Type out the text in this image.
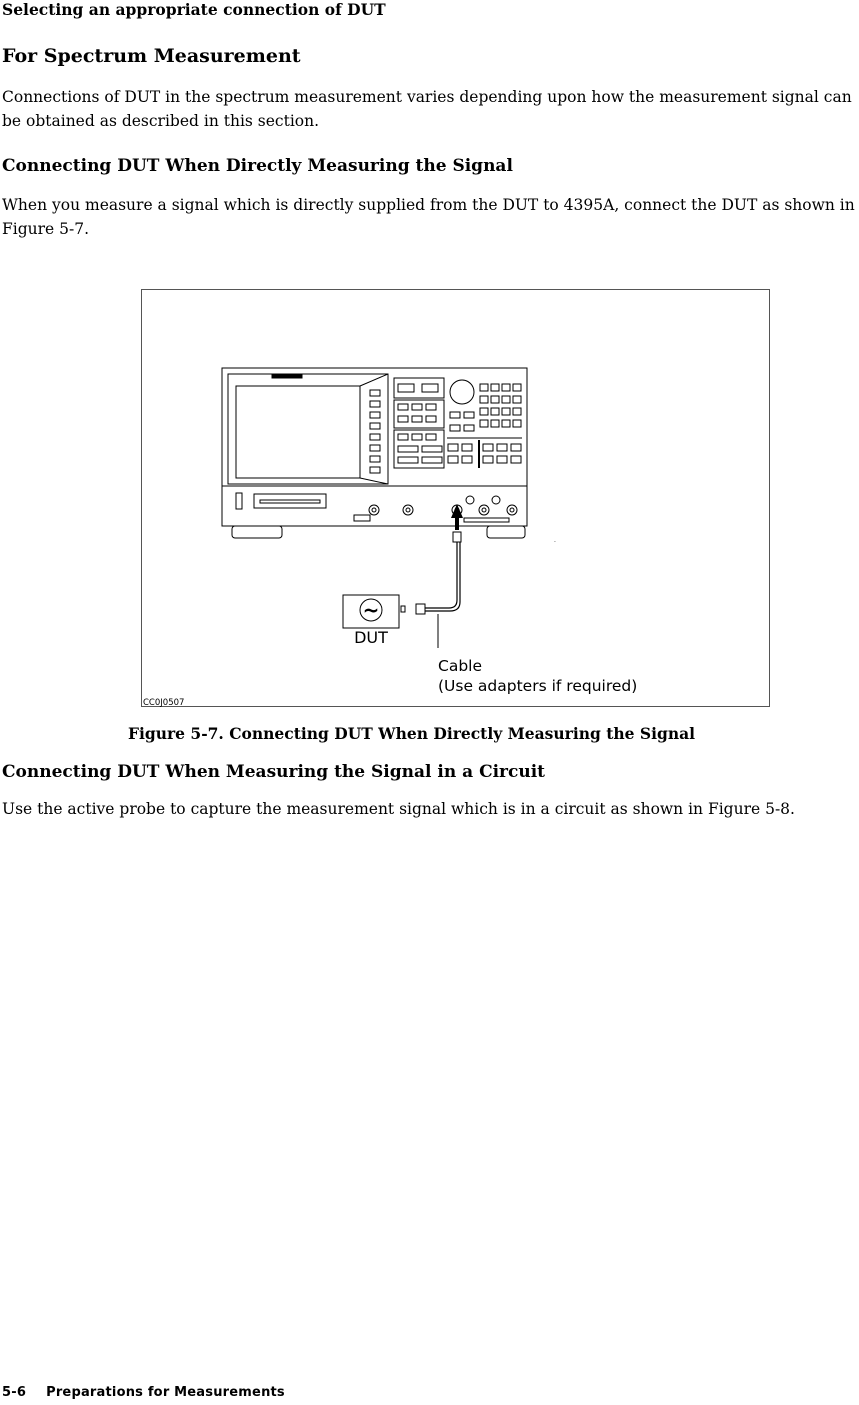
Selecting an appropriate connection of DUT
For Spectrum Measurement
Connections of DUT in the spectrum measurement varies depending upon how the measurement signal can be obtained as described in this section.
Connecting DUT When Directly Measuring the Signal
When you measure a signal which is directly supplied from the DUT to 4395A, connect the DUT as shown in Figure 5-7.
.
~
DUT
Cable
(Use adapters if required)
CC0J0507
Figure 5-7. Connecting DUT When Directly Measuring the Signal
Connecting DUT When Measuring the Signal in a Circuit
Use the active probe to capture the measurement signal which is in a circuit as shown in Figure 5-8.
5-6 Preparations for Measurements
